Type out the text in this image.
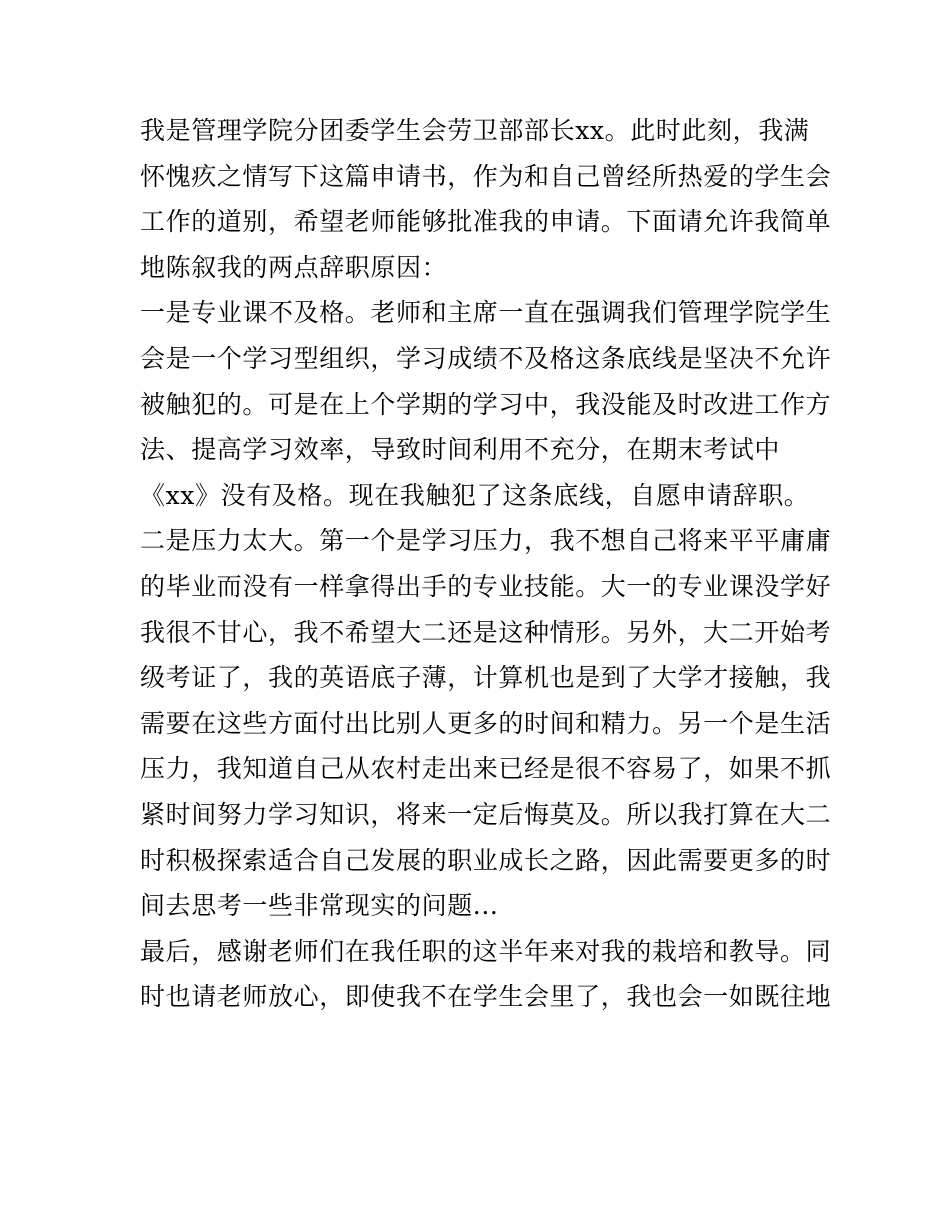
我是管理学院分团委学生会劳卫部部长xx。此时此刻，我满
怀愧疚之情写下这篇申请书，作为和自己曾经所热爱的学生会
工作的道别，希望老师能够批准我的申请。下面请允许我简单
地陈叙我的两点辞职原因：

一是专业课不及格。老师和主席一直在强调我们管理学院学生
会是一个学习型组织，学习成绩不及格这条底线是坚决不允许
被触犯的。可是在上个学期的学习中，我没能及时改进工作方
法、提高学习效率，导致时间利用不充分，在期末考试中
《xx》没有及格。现在我触犯了这条底线，自愿申请辞职。

二是压力太大。第一个是学习压力，我不想自己将来平平庸庸
的毕业而没有一样拿得出手的专业技能。大一的专业课没学好
我很不甘心，我不希望大二还是这种情形。另外，大二开始考
级考证了，我的英语底子薄，计算机也是到了大学才接触，我
需要在这些方面付出比别人更多的时间和精力。另一个是生活
压力，我知道自己从农村走出来已经是很不容易了，如果不抓
紧时间努力学习知识，将来一定后悔莫及。所以我打算在大二
时积极探索适合自己发展的职业成长之路，因此需要更多的时
间去思考一些非常现实的问题...

最后，感谢老师们在我任职的这半年来对我的栽培和教导。同
时也请老师放心，即使我不在学生会里了，我也会一如既往地
